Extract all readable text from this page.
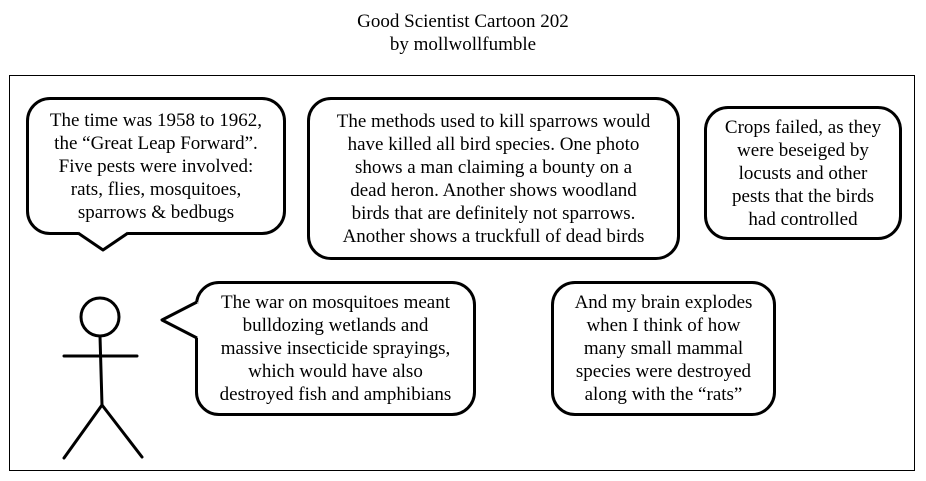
Good Scientist Cartoon 202
by mollwollfumble
The time was 1958 to 1962,
the “Great Leap Forward”.
Five pests were involved:
rats, flies, mosquitoes,
sparrows & bedbugs
The methods used to kill sparrows would
have killed all bird species. One photo
shows a man claiming a bounty on a
dead heron. Another shows woodland
birds that are definitely not sparrows.
Another shows a truckfull of dead birds
Crops failed, as they
were beseiged by
locusts and other
pests that the birds
had controlled
The war on mosquitoes meant
bulldozing wetlands and
massive insecticide sprayings,
which would have also
destroyed fish and amphibians
And my brain explodes
when I think of how
many small mammal
species were destroyed
along with the “rats”
